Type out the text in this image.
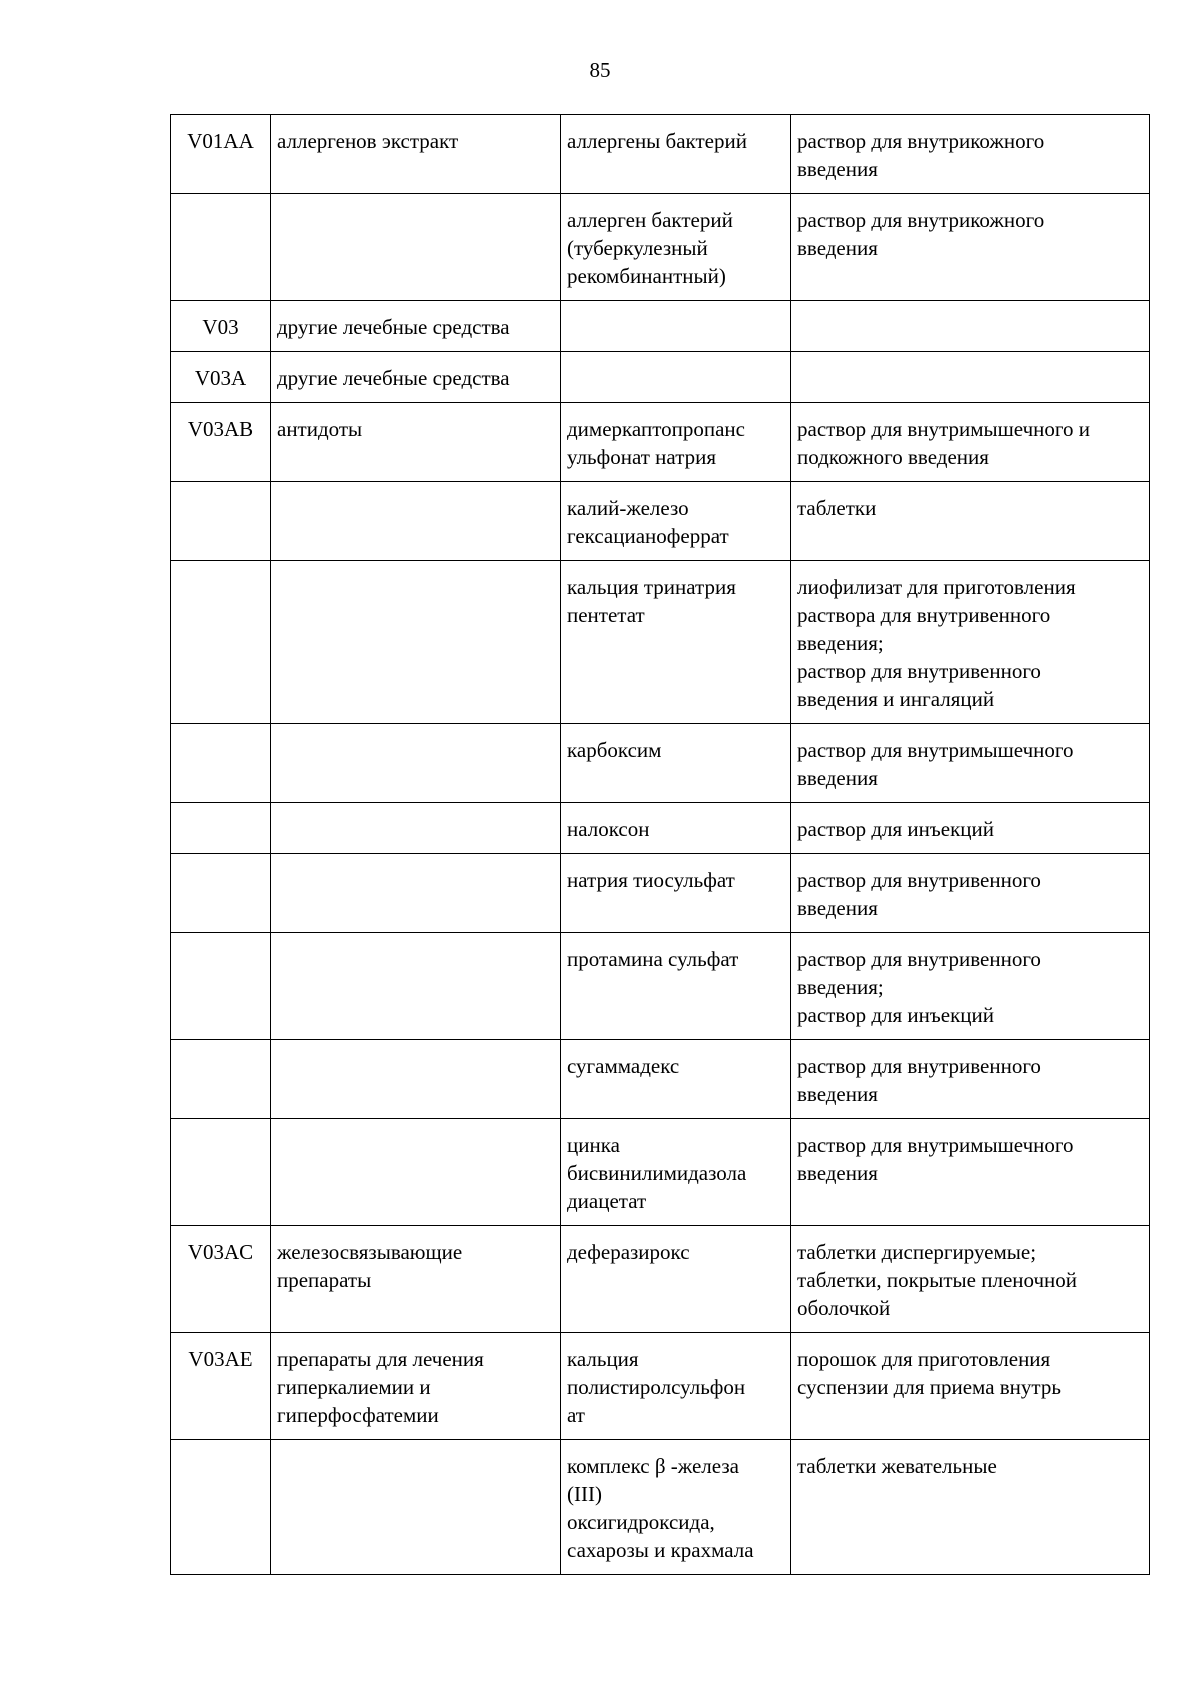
85
V01AA	аллергенов экстракт	аллергены бактерий	раствор для внутрикожного
введения
		аллерген бактерий
(туберкулезный
рекомбинантный)	раствор для внутрикожного
введения
V03	другие лечебные средства		
V03A	другие лечебные средства		
V03AB	антидоты	димеркаптопропанс
ульфонат натрия	раствор для внутримышечного и
подкожного введения
		калий-железо
гексацианоферрат	таблетки
		кальция тринатрия
пентетат	лиофилизат для приготовления
раствора для внутривенного
введения;
раствор для внутривенного
введения и ингаляций
		карбоксим	раствор для внутримышечного
введения
		налоксон	раствор для инъекций
		натрия тиосульфат	раствор для внутривенного
введения
		протамина сульфат	раствор для внутривенного
введения;
раствор для инъекций
		сугаммадекс	раствор для внутривенного
введения
		цинка
бисвинилимидазола
диацетат	раствор для внутримышечного
введения
V03AC	железосвязывающие
препараты	деферазирокс	таблетки диспергируемые;
таблетки, покрытые пленочной
оболочкой
V03AE	препараты для лечения
гиперкалиемии и
гиперфосфатемии	кальция
полистиролсульфон
ат	порошок для приготовления
суспензии для приема внутрь
		комплекс β -железа
(III)
оксигидроксида,
сахарозы и крахмала	таблетки жевательные
